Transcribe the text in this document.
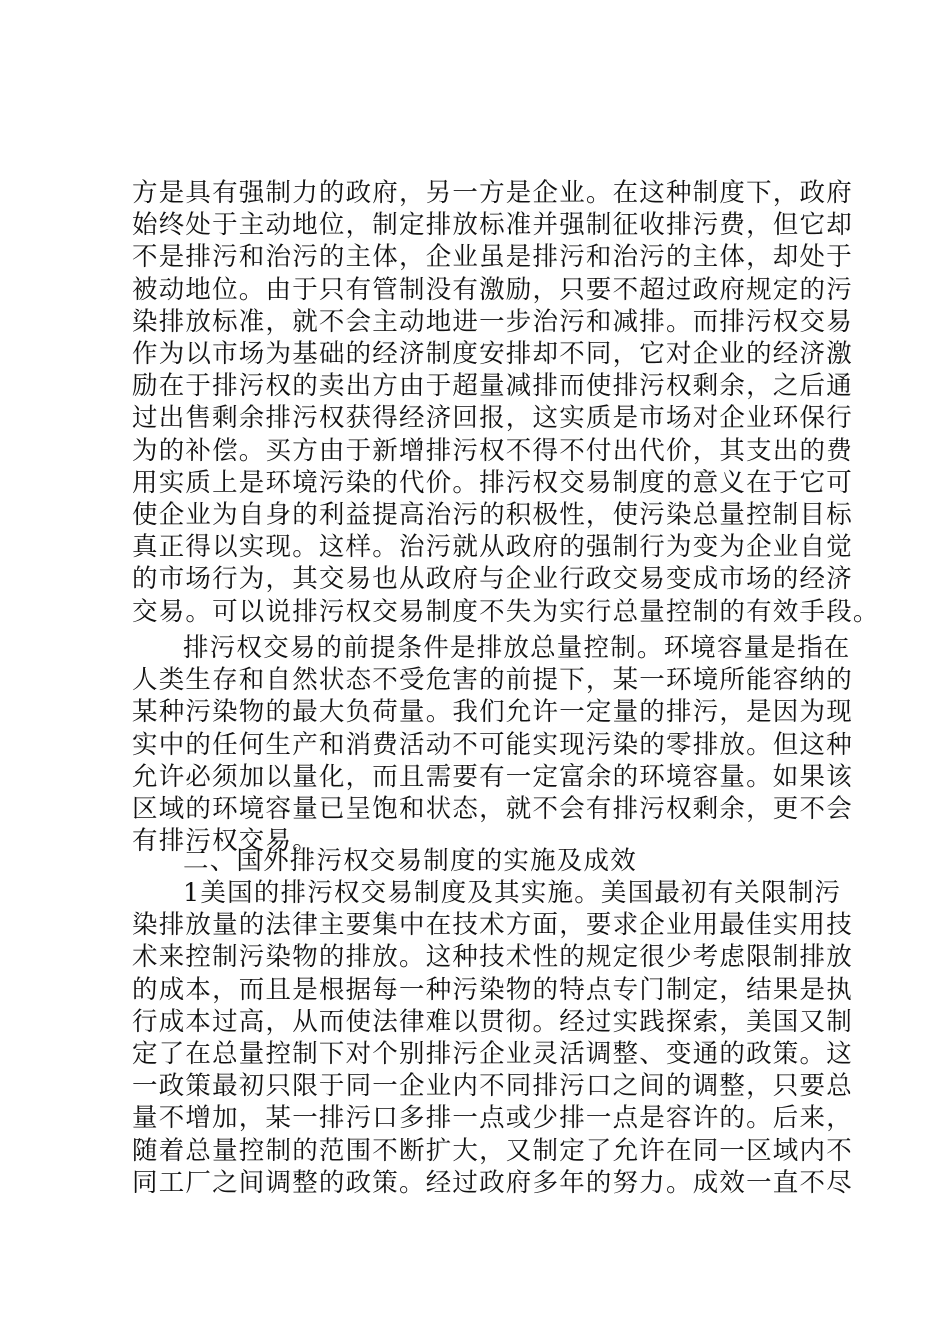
方是具有强制力的政府，另一方是企业。在这种制度下，政府
始终处于主动地位，制定排放标准并强制征收排污费，但它却
不是排污和治污的主体，企业虽是排污和治污的主体，却处于
被动地位。由于只有管制没有激励，只要不超过政府规定的污
染排放标准，就不会主动地进一步治污和减排。而排污权交易
作为以市场为基础的经济制度安排却不同，它对企业的经济激
励在于排污权的卖出方由于超量减排而使排污权剩余，之后通
过出售剩余排污权获得经济回报，这实质是市场对企业环保行
为的补偿。买方由于新增排污权不得不付出代价，其支出的费
用实质上是环境污染的代价。排污权交易制度的意义在于它可
使企业为自身的利益提高治污的积极性，使污染总量控制目标
真正得以实现。这样。治污就从政府的强制行为变为企业自觉
的市场行为，其交易也从政府与企业行政交易变成市场的经济
交易。可以说排污权交易制度不失为实行总量控制的有效手段。
排污权交易的前提条件是排放总量控制。环境容量是指在
人类生存和自然状态不受危害的前提下，某一环境所能容纳的
某种污染物的最大负荷量。我们允许一定量的排污，是因为现
实中的任何生产和消费活动不可能实现污染的零排放。但这种
允许必须加以量化，而且需要有一定富余的环境容量。如果该
区域的环境容量已呈饱和状态，就不会有排污权剩余，更不会
有排污权交易。
二、国外排污权交易制度的实施及成效
1美国的排污权交易制度及其实施。美国最初有关限制污
染排放量的法律主要集中在技术方面，要求企业用最佳实用技
术来控制污染物的排放。这种技术性的规定很少考虑限制排放
的成本，而且是根据每一种污染物的特点专门制定，结果是执
行成本过高，从而使法律难以贯彻。经过实践探索，美国又制
定了在总量控制下对个别排污企业灵活调整、变通的政策。这
一政策最初只限于同一企业内不同排污口之间的调整，只要总
量不增加，某一排污口多排一点或少排一点是容许的。后来，
随着总量控制的范围不断扩大，又制定了允许在同一区域内不
同工厂之间调整的政策。经过政府多年的努力。成效一直不尽
